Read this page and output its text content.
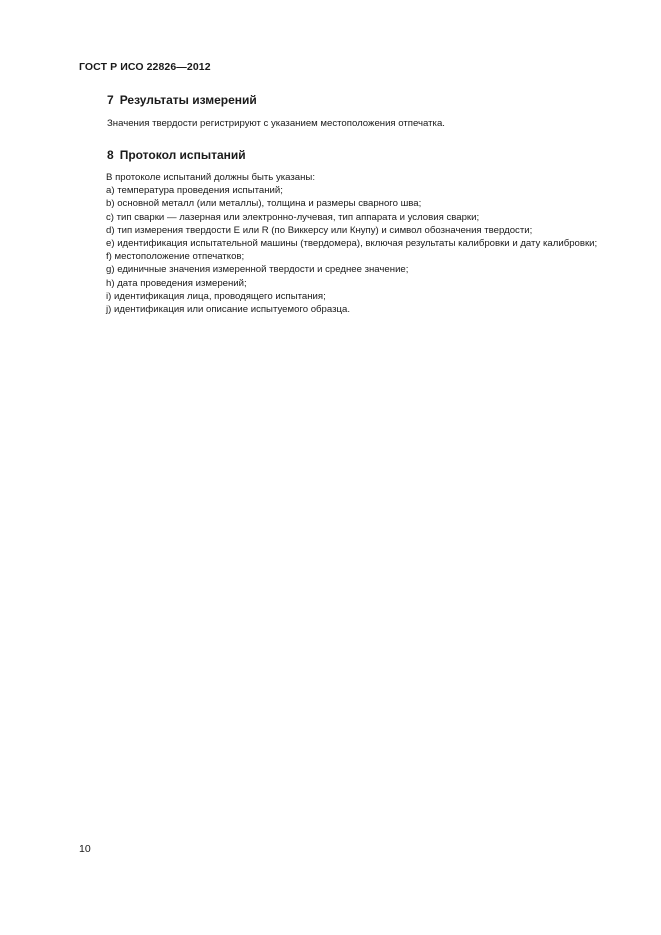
ГОСТ Р ИСО 22826—2012
7 Результаты измерений
Значения твердости регистрируют с указанием местоположения отпечатка.
8 Протокол испытаний
В протоколе испытаний должны быть указаны:
a) температура проведения испытаний;
b) основной металл (или металлы), толщина и размеры сварного шва;
c) тип сварки — лазерная или электронно-лучевая, тип аппарата и условия сварки;
d) тип измерения твердости E или R (по Виккерсу или Кнупу) и символ обозначения твердости;
e) идентификация испытательной машины (твердомера), включая результаты калибровки и дату калибровки;
f) местоположение отпечатков;
g) единичные значения измеренной твердости и среднее значение;
h) дата проведения измерений;
i) идентификация лица, проводящего испытания;
j) идентификация или описание испытуемого образца.
10
